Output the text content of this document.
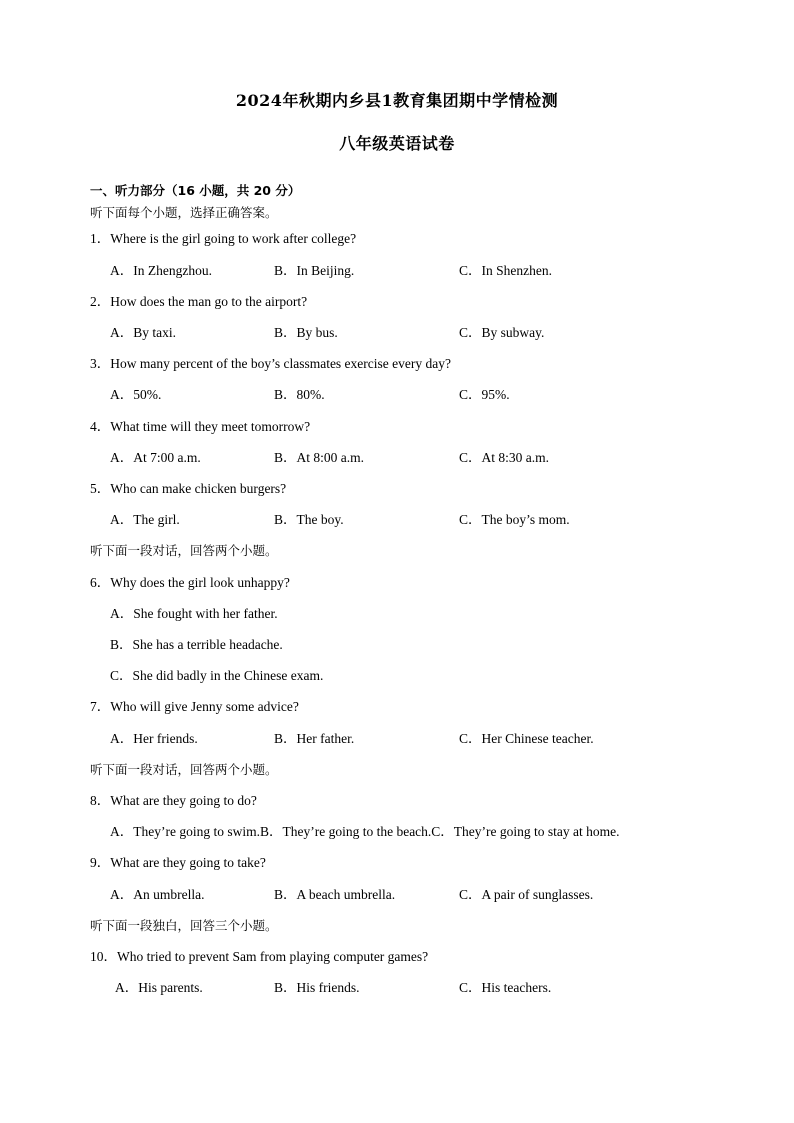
2024年秋期内乡县1教育集团期中学情检测
八年级英语试卷
一、听力部分（16 小题，共 20 分）
听下面每个小题，选择正确答案。
1．Where is the girl going to work after college?
A．In Zhengzhou.	B．In Beijing.	C．In Shenzhen.
2．How does the man go to the airport?
A．By taxi.	B．By bus.	C．By subway.
3．How many percent of the boy’s classmates exercise every day?
A．50%.	B．80%.	C．95%.
4．What time will they meet tomorrow?
A．At 7:00 a.m.	B．At 8:00 a.m.	C．At 8:30 a.m.
5．Who can make chicken burgers?
A．The girl.	B．The boy.	C．The boy’s mom.
听下面一段对话，回答两个小题。
6．Why does the girl look unhappy?
A．She fought with her father.
B．She has a terrible headache.
C．She did badly in the Chinese exam.
7．Who will give Jenny some advice?
A．Her friends.	B．Her father.	C．Her Chinese teacher.
听下面一段对话，回答两个小题。
8．What are they going to do?
A．They’re going to swim.B．They’re going to the beach.C．They’re going to stay at home.
9．What are they going to take?
A．An umbrella.	B．A beach umbrella.	C．A pair of sunglasses.
听下面一段独白，回答三个小题。
10．Who tried to prevent Sam from playing computer games?
A．His parents.	B．His friends.	C．His teachers.
